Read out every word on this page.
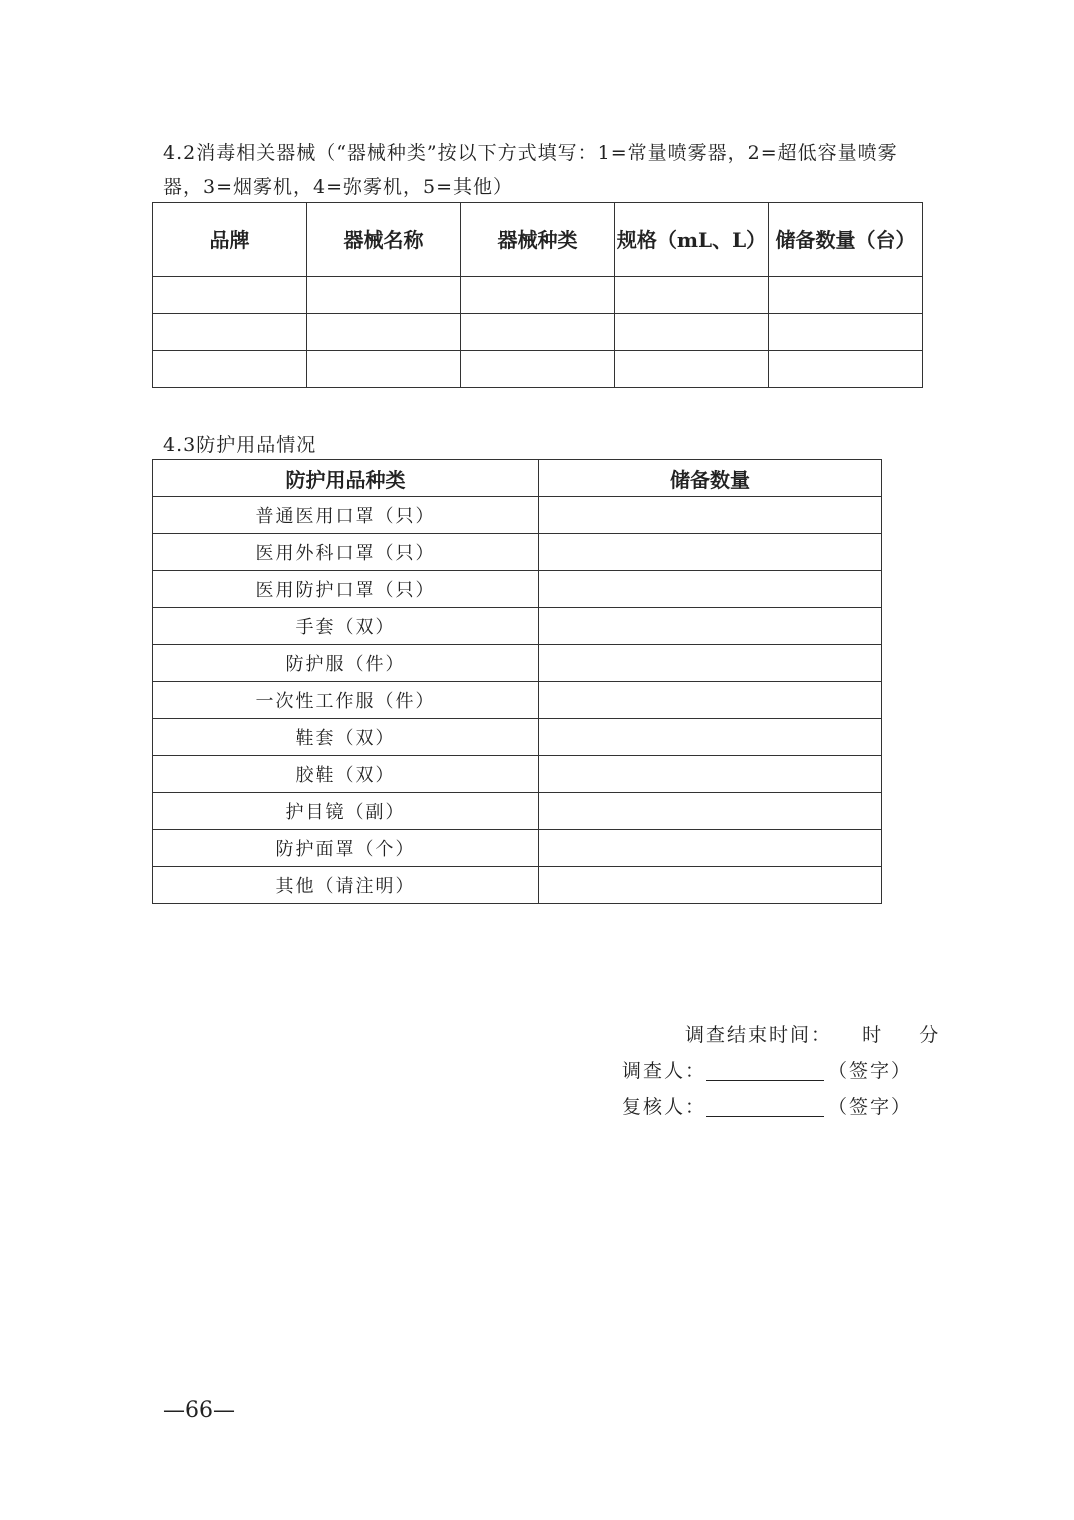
4.2消毒相关器械（“器械种类”按以下方式填写：1=常量喷雾器，2=超低容量喷雾器，3=烟雾机，4=弥雾机，5=其他）
品牌	器械名称	器械种类	规格（mL、L）	储备数量（台）

4.3防护用品情况
防护用品种类	储备数量
普通医用口罩（只）	
医用外科口罩（只）	
医用防护口罩（只）	
手套（双）	
防护服（件）	
一次性工作服（件）	
鞋套（双）	
胶鞋（双）	
护目镜（副）	
防护面罩（个）	
其他（请注明）	
调查结束时间： 时 分
调查人：	（签字）
复核人：	（签字）
—66—
